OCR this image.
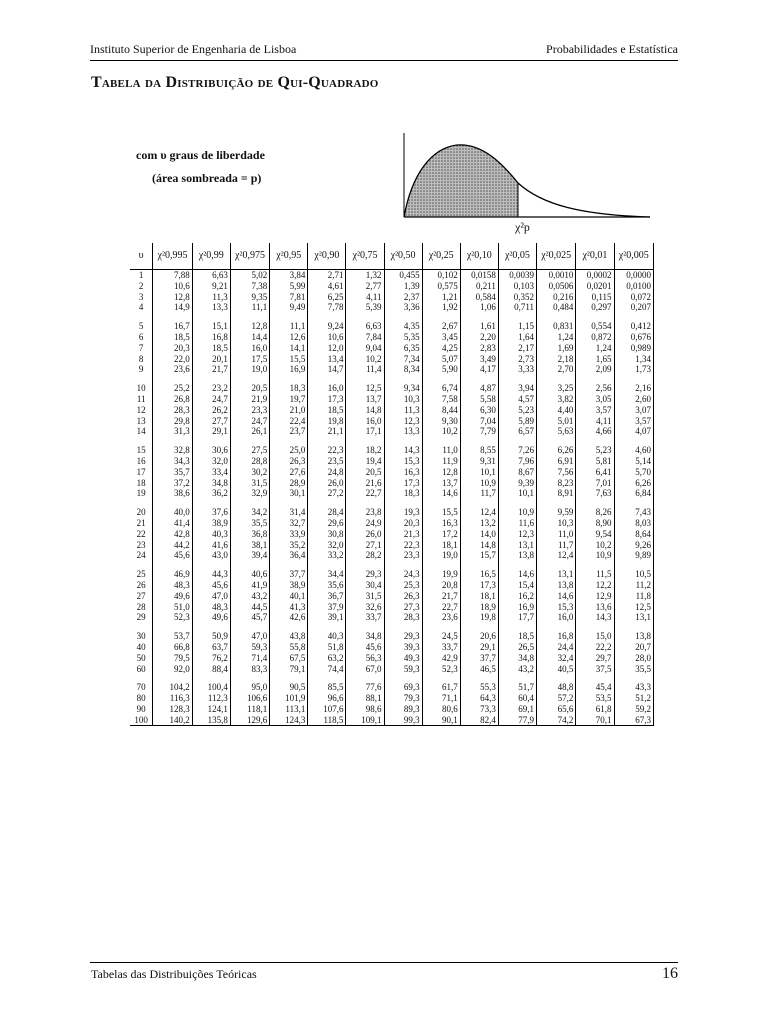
Instituto Superior de Engenharia de Lisboa	Probabilidades e Estatística
Tabela da Distribuição de Qui-Quadrado
com υ graus de liberdade
(área sombreada = p)
χ²p
υ	χ²0,995	χ²0,99	χ²0,975	χ²0,95	χ²0,90	χ²0,75	χ²0,50	χ²0,25	χ²0,10	χ²0,05	χ²0,025	χ²0,01	χ²0,005
1	7,88	6,63	5,02	3,84	2,71	1,32	0,455	0,102	0,0158	0,0039	0,0010	0,0002	0,0000
2	10,6	9,21	7,38	5,99	4,61	2,77	1,39	0,575	0,211	0,103	0,0506	0,0201	0,0100
3	12,8	11,3	9,35	7,81	6,25	4,11	2,37	1,21	0,584	0,352	0,216	0,115	0,072
4	14,9	13,3	11,1	9,49	7,78	5,39	3,36	1,92	1,06	0,711	0,484	0,297	0,207

5	16,7	15,1	12,8	11,1	9,24	6,63	4,35	2,67	1,61	1,15	0,831	0,554	0,412
6	18,5	16,8	14,4	12,6	10,6	7,84	5,35	3,45	2,20	1,64	1,24	0,872	0,676
7	20,3	18,5	16,0	14,1	12,0	9,04	6,35	4,25	2,83	2,17	1,69	1,24	0,989
8	22,0	20,1	17,5	15,5	13,4	10,2	7,34	5,07	3,49	2,73	2,18	1,65	1,34
9	23,6	21,7	19,0	16,9	14,7	11,4	8,34	5,90	4,17	3,33	2,70	2,09	1,73

10	25,2	23,2	20,5	18,3	16,0	12,5	9,34	6,74	4,87	3,94	3,25	2,56	2,16
11	26,8	24,7	21,9	19,7	17,3	13,7	10,3	7,58	5,58	4,57	3,82	3,05	2,60
12	28,3	26,2	23,3	21,0	18,5	14,8	11,3	8,44	6,30	5,23	4,40	3,57	3,07
13	29,8	27,7	24,7	22,4	19,8	16,0	12,3	9,30	7,04	5,89	5,01	4,11	3,57
14	31,3	29,1	26,1	23,7	21,1	17,1	13,3	10,2	7,79	6,57	5,63	4,66	4,07

15	32,8	30,6	27,5	25,0	22,3	18,2	14,3	11,0	8,55	7,26	6,26	5,23	4,60
16	34,3	32,0	28,8	26,3	23,5	19,4	15,3	11,9	9,31	7,96	6,91	5,81	5,14
17	35,7	33,4	30,2	27,6	24,8	20,5	16,3	12,8	10,1	8,67	7,56	6,41	5,70
18	37,2	34,8	31,5	28,9	26,0	21,6	17,3	13,7	10,9	9,39	8,23	7,01	6,26
19	38,6	36,2	32,9	30,1	27,2	22,7	18,3	14,6	11,7	10,1	8,91	7,63	6,84

20	40,0	37,6	34,2	31,4	28,4	23,8	19,3	15,5	12,4	10,9	9,59	8,26	7,43
21	41,4	38,9	35,5	32,7	29,6	24,9	20,3	16,3	13,2	11,6	10,3	8,90	8,03
22	42,8	40,3	36,8	33,9	30,8	26,0	21,3	17,2	14,0	12,3	11,0	9,54	8,64
23	44,2	41,6	38,1	35,2	32,0	27,1	22,3	18,1	14,8	13,1	11,7	10,2	9,26
24	45,6	43,0	39,4	36,4	33,2	28,2	23,3	19,0	15,7	13,8	12,4	10,9	9,89

25	46,9	44,3	40,6	37,7	34,4	29,3	24,3	19,9	16,5	14,6	13,1	11,5	10,5
26	48,3	45,6	41,9	38,9	35,6	30,4	25,3	20,8	17,3	15,4	13,8	12,2	11,2
27	49,6	47,0	43,2	40,1	36,7	31,5	26,3	21,7	18,1	16,2	14,6	12,9	11,8
28	51,0	48,3	44,5	41,3	37,9	32,6	27,3	22,7	18,9	16,9	15,3	13,6	12,5
29	52,3	49,6	45,7	42,6	39,1	33,7	28,3	23,6	19,8	17,7	16,0	14,3	13,1

30	53,7	50,9	47,0	43,8	40,3	34,8	29,3	24,5	20,6	18,5	16,8	15,0	13,8
40	66,8	63,7	59,3	55,8	51,8	45,6	39,3	33,7	29,1	26,5	24,4	22,2	20,7
50	79,5	76,2	71,4	67,5	63,2	56,3	49,3	42,9	37,7	34,8	32,4	29,7	28,0
60	92,0	88,4	83,3	79,1	74,4	67,0	59,3	52,3	46,5	43,2	40,5	37,5	35,5

70	104,2	100,4	95,0	90,5	85,5	77,6	69,3	61,7	55,3	51,7	48,8	45,4	43,3
80	116,3	112,3	106,6	101,9	96,6	88,1	79,3	71,1	64,3	60,4	57,2	53,5	51,2
90	128,3	124,1	118,1	113,1	107,6	98,6	89,3	80,6	73,3	69,1	65,6	61,8	59,2
100	140,2	135,8	129,6	124,3	118,5	109,1	99,3	90,1	82,4	77,9	74,2	70,1	67,3
Tabelas das Distribuições Teóricas	16
